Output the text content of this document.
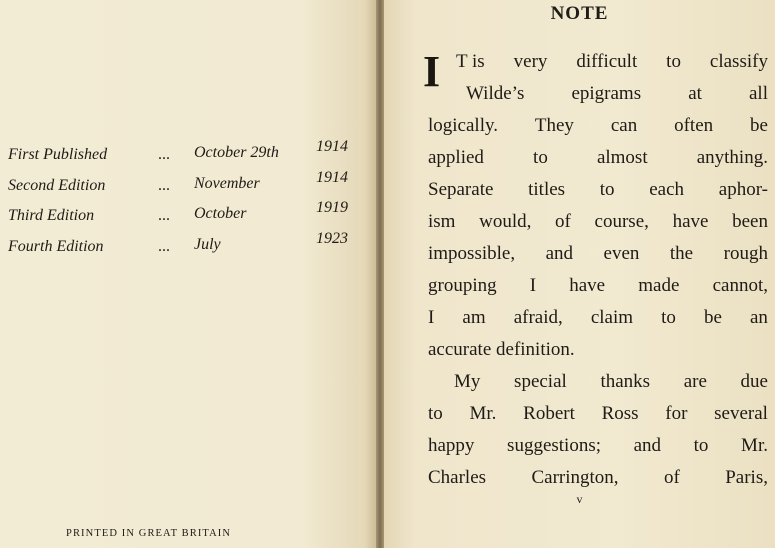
First Published	... October 29th 1914
Second Edition	... November	1914
Third Edition	... October	1919
Fourth Edition	... July	1923
PRINTED IN GREAT BRITAIN
NOTE
I T is very difficult to classify
Wilde’s epigrams at all
logically. They can often be
applied	to	almost	anything.
Separate titles to each aphor-
ism would, of course, have been
impossible, and even the rough
grouping I have made cannot,
I am afraid, claim to be an
accurate definition.
My special thanks are due
to Mr. Robert Ross for several
happy suggestions; and to Mr.
Charles Carrington, of Paris,
v
